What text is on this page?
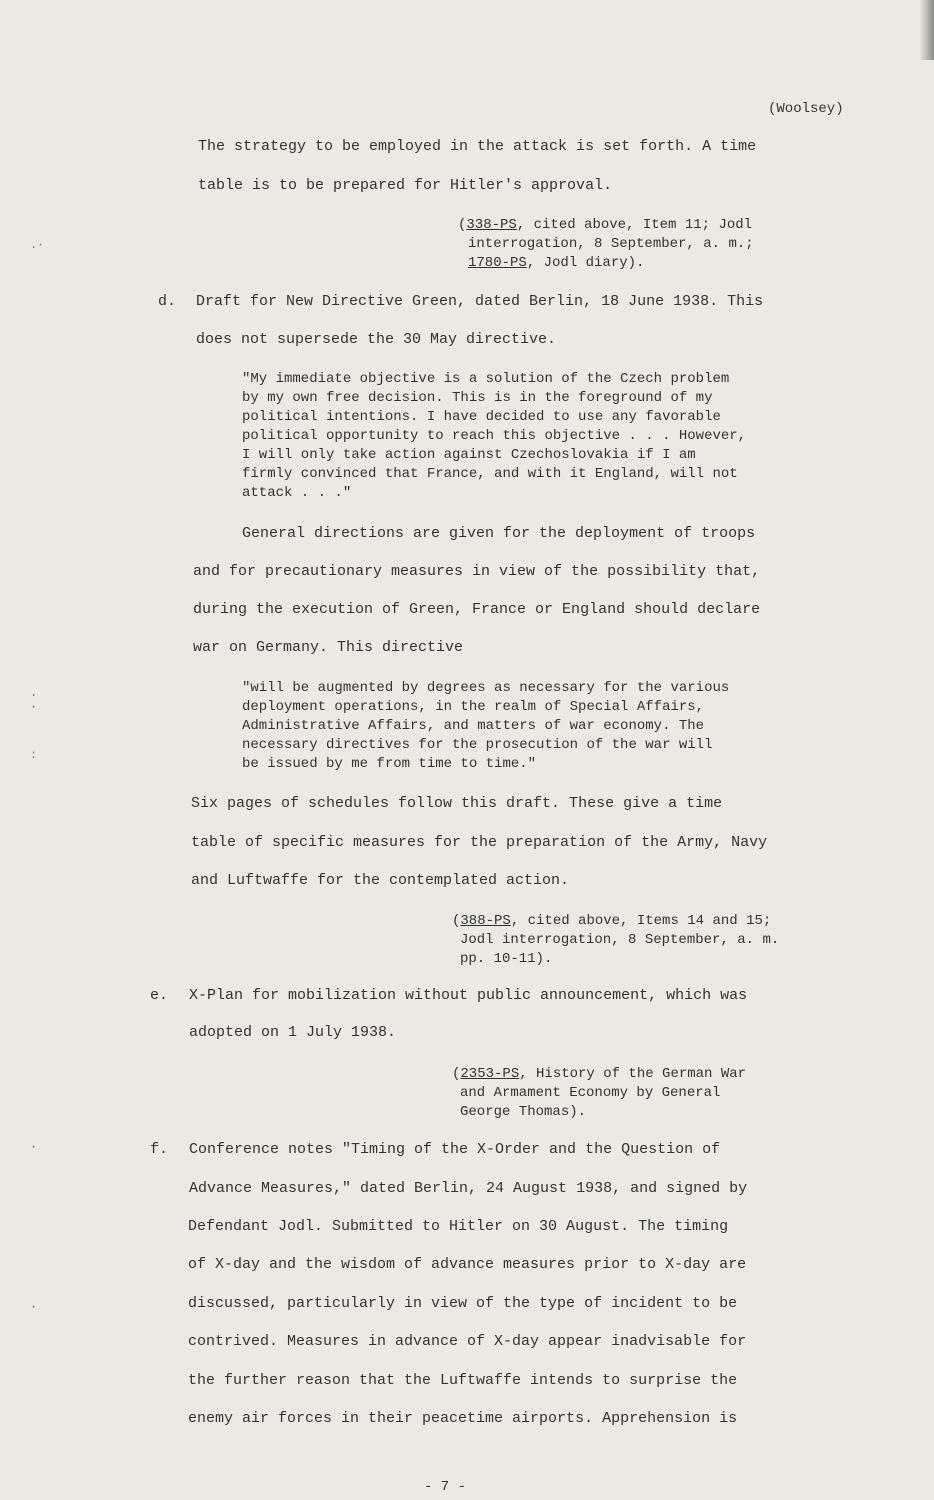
. ·
.
·
:
·
·
(Woolsey)
The strategy to be employed in the attack is set forth. A time
table is to be prepared for Hitler's approval.
(338-PS, cited above, Item 11; Jodl
interrogation, 8 September, a. m.;
1780-PS, Jodl diary).
d. Draft for New Directive Green, dated Berlin, 18 June 1938. This
does not supersede the 30 May directive.
"My immediate objective is a solution of the Czech problem
by my own free decision. This is in the foreground of my
political intentions. I have decided to use any favorable
political opportunity to reach this objective . . . However,
I will only take action against Czechoslovakia if I am
firmly convinced that France, and with it England, will not
attack . . ."
General directions are given for the deployment of troops
and for precautionary measures in view of the possibility that,
during the execution of Green, France or England should declare
war on Germany. This directive
"will be augmented by degrees as necessary for the various
deployment operations, in the realm of Special Affairs,
Administrative Affairs, and matters of war economy. The
necessary directives for the prosecution of the war will
be issued by me from time to time."
Six pages of schedules follow this draft. These give a time
table of specific measures for the preparation of the Army, Navy
and Luftwaffe for the contemplated action.
(388-PS, cited above, Items 14 and 15;
Jodl interrogation, 8 September, a. m.
pp. 10-11).
e. X-Plan for mobilization without public announcement, which was
adopted on 1 July 1938.
(2353-PS, History of the German War
and Armament Economy by General
George Thomas).
f. Conference notes "Timing of the X-Order and the Question of
Advance Measures," dated Berlin, 24 August 1938, and signed by
Defendant Jodl. Submitted to Hitler on 30 August. The timing
of X-day and the wisdom of advance measures prior to X-day are
discussed, particularly in view of the type of incident to be
contrived. Measures in advance of X-day appear inadvisable for
the further reason that the Luftwaffe intends to surprise the
enemy air forces in their peacetime airports. Apprehension is
- 7 -
